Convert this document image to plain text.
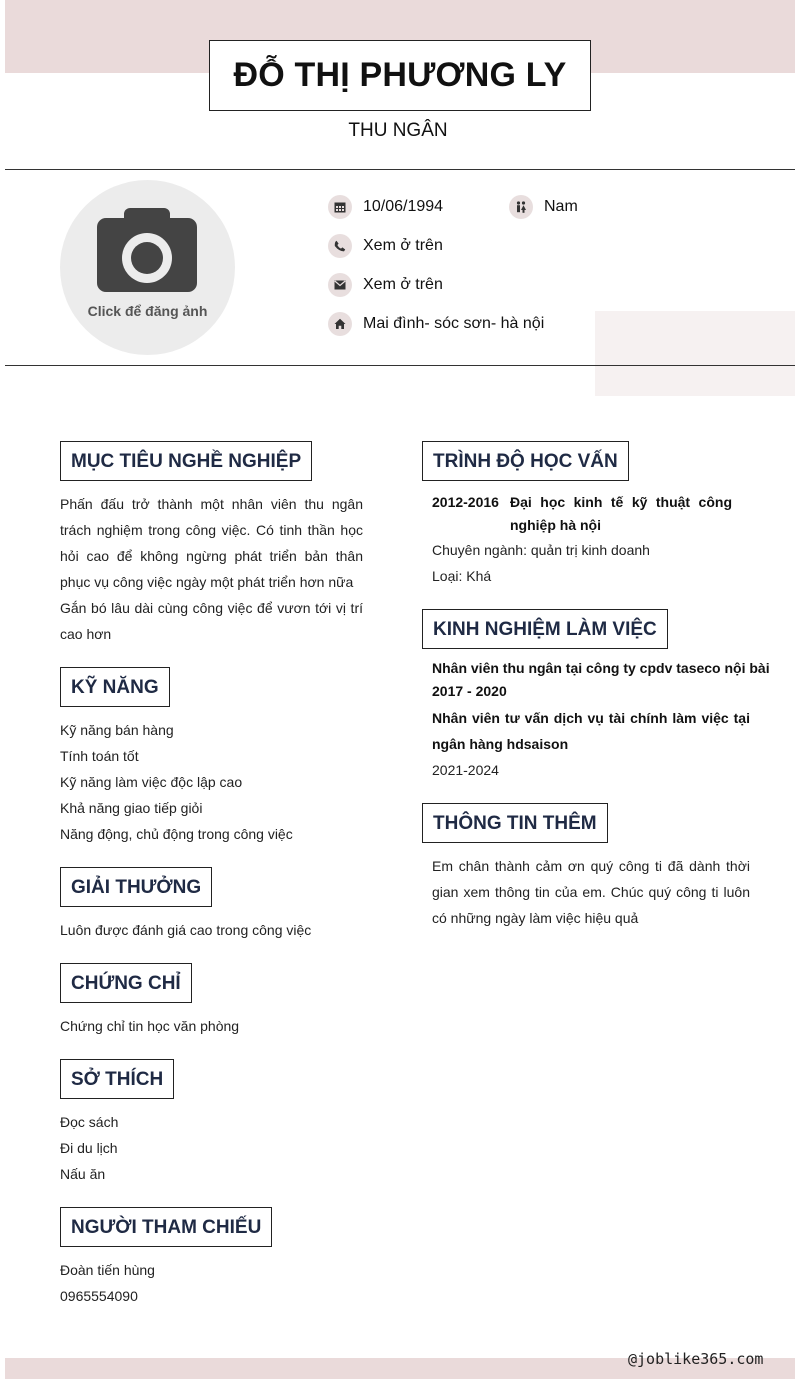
ĐỖ THỊ PHƯƠNG LY
THU NGÂN
Click để đăng ảnh
10/06/1994	Nam
Xem ở trên
Xem ở trên
Mai đình- sóc sơn- hà nội
MỤC TIÊU NGHỀ NGHIỆP

Phấn đấu trở thành một nhân viên thu ngân trách nghiệm trong công việc. Có tinh thần học hỏi cao để không ngừng phát triển bản thân phục vụ công việc ngày một phát triển hơn nữa

Gắn bó lâu dài cùng công việc để vươn tới vị trí cao hơn

KỸ NĂNG
Kỹ năng bán hàng
Tính toán tốt
Kỹ năng làm việc độc lập cao
Khả năng giao tiếp giỏi
Năng động, chủ động trong công việc
GIẢI THƯỞNG
Luôn được đánh giá cao trong công việc
CHỨNG CHỈ
Chứng chỉ tin học văn phòng
SỞ THÍCH
Đọc sách
Đi du lịch
Nấu ăn
NGƯỜI THAM CHIẾU
Đoàn tiến hùng
0965554090
TRÌNH ĐỘ HỌC VẤN
2012-2016 Đại học kinh tế kỹ thuật công nghiệp hà nội
Chuyên ngành: quản trị kinh doanh
Loại: Khá
KINH NGHIỆM LÀM VIỆC
Nhân viên thu ngân tại công ty cpdv taseco nội bài
2017 - 2020

Nhân viên tư vấn dịch vụ tài chính làm việc tại ngân hàng hdsaison

2021-2024
THÔNG TIN THÊM

Em chân thành cảm ơn quý công ti đã dành thời gian xem thông tin của em. Chúc quý công ti luôn có những ngày làm việc hiệu quả

@joblike365.com
